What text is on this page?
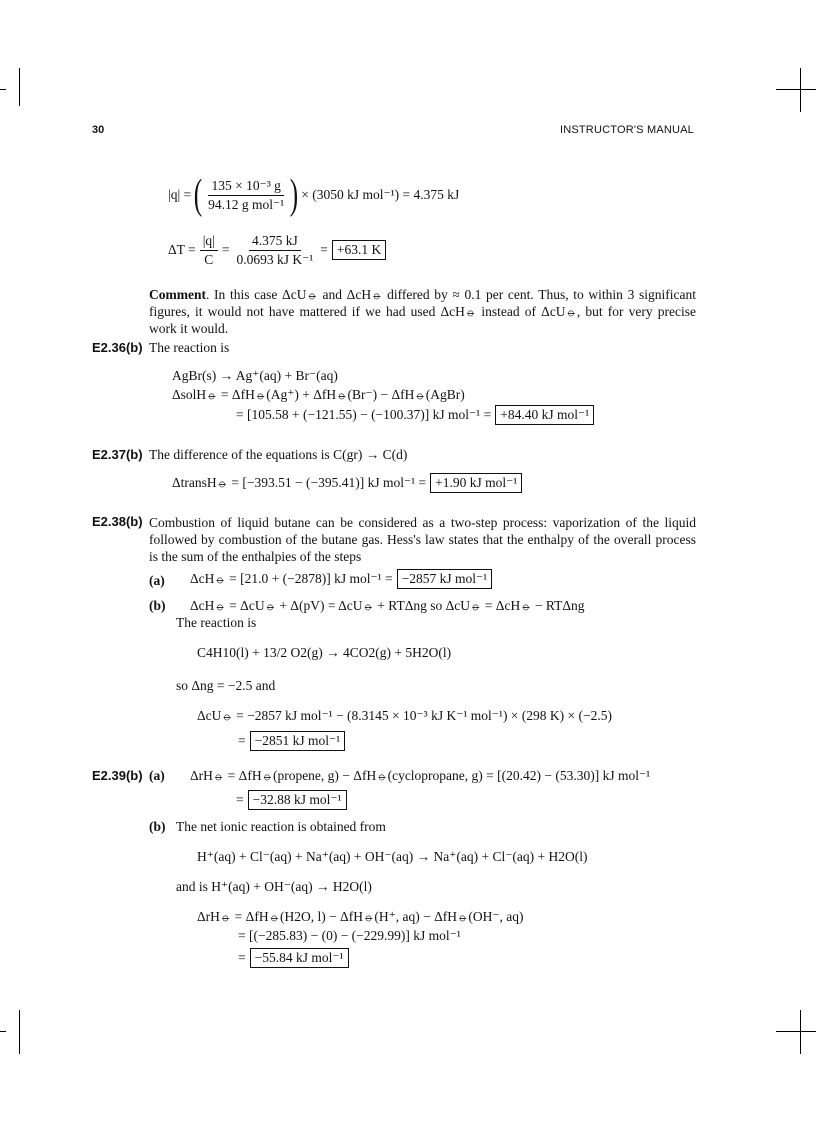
30	INSTRUCTOR'S MANUAL
|q| = ( $\frac{\text{135 × 10⁻³ g}}{\text{94.12 g mol⁻¹}}$ ) × (3050 kJ mol⁻¹) = 4.375 kJ
$\Delta T = \frac{|q|}{C} = \frac{4.375 kJ}{\text{0.0693 kJ K⁻¹}} = +63.1$ K
Comment. In this case ΔcU⦵ and ΔcH⦵ differed by ≈ 0.1 per cent. Thus, to within 3 significant figures, it would not have mattered if we had used ΔcH⦵ instead of ΔcU⦵, but for very precise work it would.
E2.36(b) The reaction is
AgBr(s) → Ag⁺(aq) + Br⁻(aq)
ΔsolH⦵ = ΔfH⦵(Ag⁺) + ΔfH⦵(Br⁻) − ΔfH⦵(AgBr)
= [105.58 + (−121.55) − (−100.37)] kJ mol⁻¹ = +84.40 kJ mol⁻¹
E2.37(b) The difference of the equations is C(gr) → C(d)
ΔtransH⦵ = [−393.51 − (−395.41)] kJ mol⁻¹ = +1.90 kJ mol⁻¹
E2.38(b) Combustion of liquid butane can be considered as a two-step process: vaporization of the liquid followed by combustion of the butane gas. Hess's law states that the enthalpy of the overall process is the sum of the enthalpies of the steps
(a) ΔcH⦵ = [21.0 + (−2878)] kJ mol⁻¹ = −2857 kJ mol⁻¹
(b) ΔcH⦵ = ΔcU⦵ + Δ(pV) = ΔcU⦵ + RTΔng so ΔcU⦵ = ΔcH⦵ − RTΔng
The reaction is
C4H10(l) + 13/2 O2(g) → 4CO2(g) + 5H2O(l)
so Δng = −2.5 and
ΔcU⦵ = −2857 kJ mol⁻¹ − (8.3145 × 10⁻³ kJ K⁻¹ mol⁻¹) × (298 K) × (−2.5)
= −2851 kJ mol⁻¹
E2.39(b) (a) ΔrH⦵ = ΔfH⦵(propene, g) − ΔfH⦵(cyclopropane, g) = [(20.42) − (53.30)] kJ mol⁻¹
= −32.88 kJ mol⁻¹
(b) The net ionic reaction is obtained from
H⁺(aq) + Cl⁻(aq) + Na⁺(aq) + OH⁻(aq) → Na⁺(aq) + Cl⁻(aq) + H2O(l)
and is H⁺(aq) + OH⁻(aq) → H2O(l)
ΔrH⦵ = ΔfH⦵(H2O, l) − ΔfH⦵(H⁺, aq) − ΔfH⦵(OH⁻, aq)
= [(−285.83) − (0) − (−229.99)] kJ mol⁻¹
= −55.84 kJ mol⁻¹
